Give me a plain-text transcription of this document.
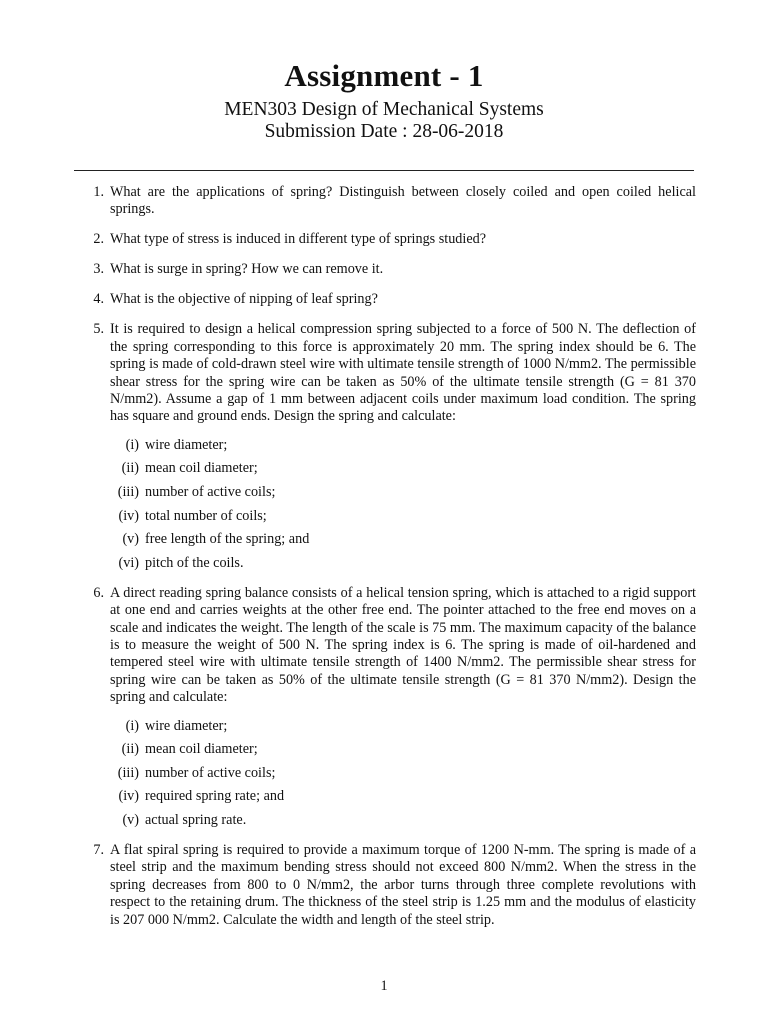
Assignment - 1
MEN303 Design of Mechanical Systems
Submission Date : 28-06-2018
1. What are the applications of spring? Distinguish between closely coiled and open coiled helical springs.
2. What type of stress is induced in different type of springs studied?
3. What is surge in spring? How we can remove it.
4. What is the objective of nipping of leaf spring?
5. It is required to design a helical compression spring subjected to a force of 500 N. The deflection of the spring corresponding to this force is approximately 20 mm. The spring index should be 6. The spring is made of cold-drawn steel wire with ultimate tensile strength of 1000 N/mm2. The permissible shear stress for the spring wire can be taken as 50% of the ultimate tensile strength (G = 81 370 N/mm2). Assume a gap of 1 mm between adjacent coils under maximum load condition. The spring has square and ground ends. Design the spring and calculate:
(i) wire diameter;
(ii) mean coil diameter;
(iii) number of active coils;
(iv) total number of coils;
(v) free length of the spring; and
(vi) pitch of the coils.
6. A direct reading spring balance consists of a helical tension spring, which is attached to a rigid support at one end and carries weights at the other free end. The pointer attached to the free end moves on a scale and indicates the weight. The length of the scale is 75 mm. The maximum capacity of the balance is to measure the weight of 500 N. The spring index is 6. The spring is made of oil-hardened and tempered steel wire with ultimate tensile strength of 1400 N/mm2. The permissible shear stress for spring wire can be taken as 50% of the ultimate tensile strength (G = 81 370 N/mm2). Design the spring and calculate:
(i) wire diameter;
(ii) mean coil diameter;
(iii) number of active coils;
(iv) required spring rate; and
(v) actual spring rate.
7. A flat spiral spring is required to provide a maximum torque of 1200 N-mm. The spring is made of a steel strip and the maximum bending stress should not exceed 800 N/mm2. When the stress in the spring decreases from 800 to 0 N/mm2, the arbor turns through three complete revolutions with respect to the retaining drum. The thickness of the steel strip is 1.25 mm and the modulus of elasticity is 207 000 N/mm2. Calculate the width and length of the steel strip.
1
